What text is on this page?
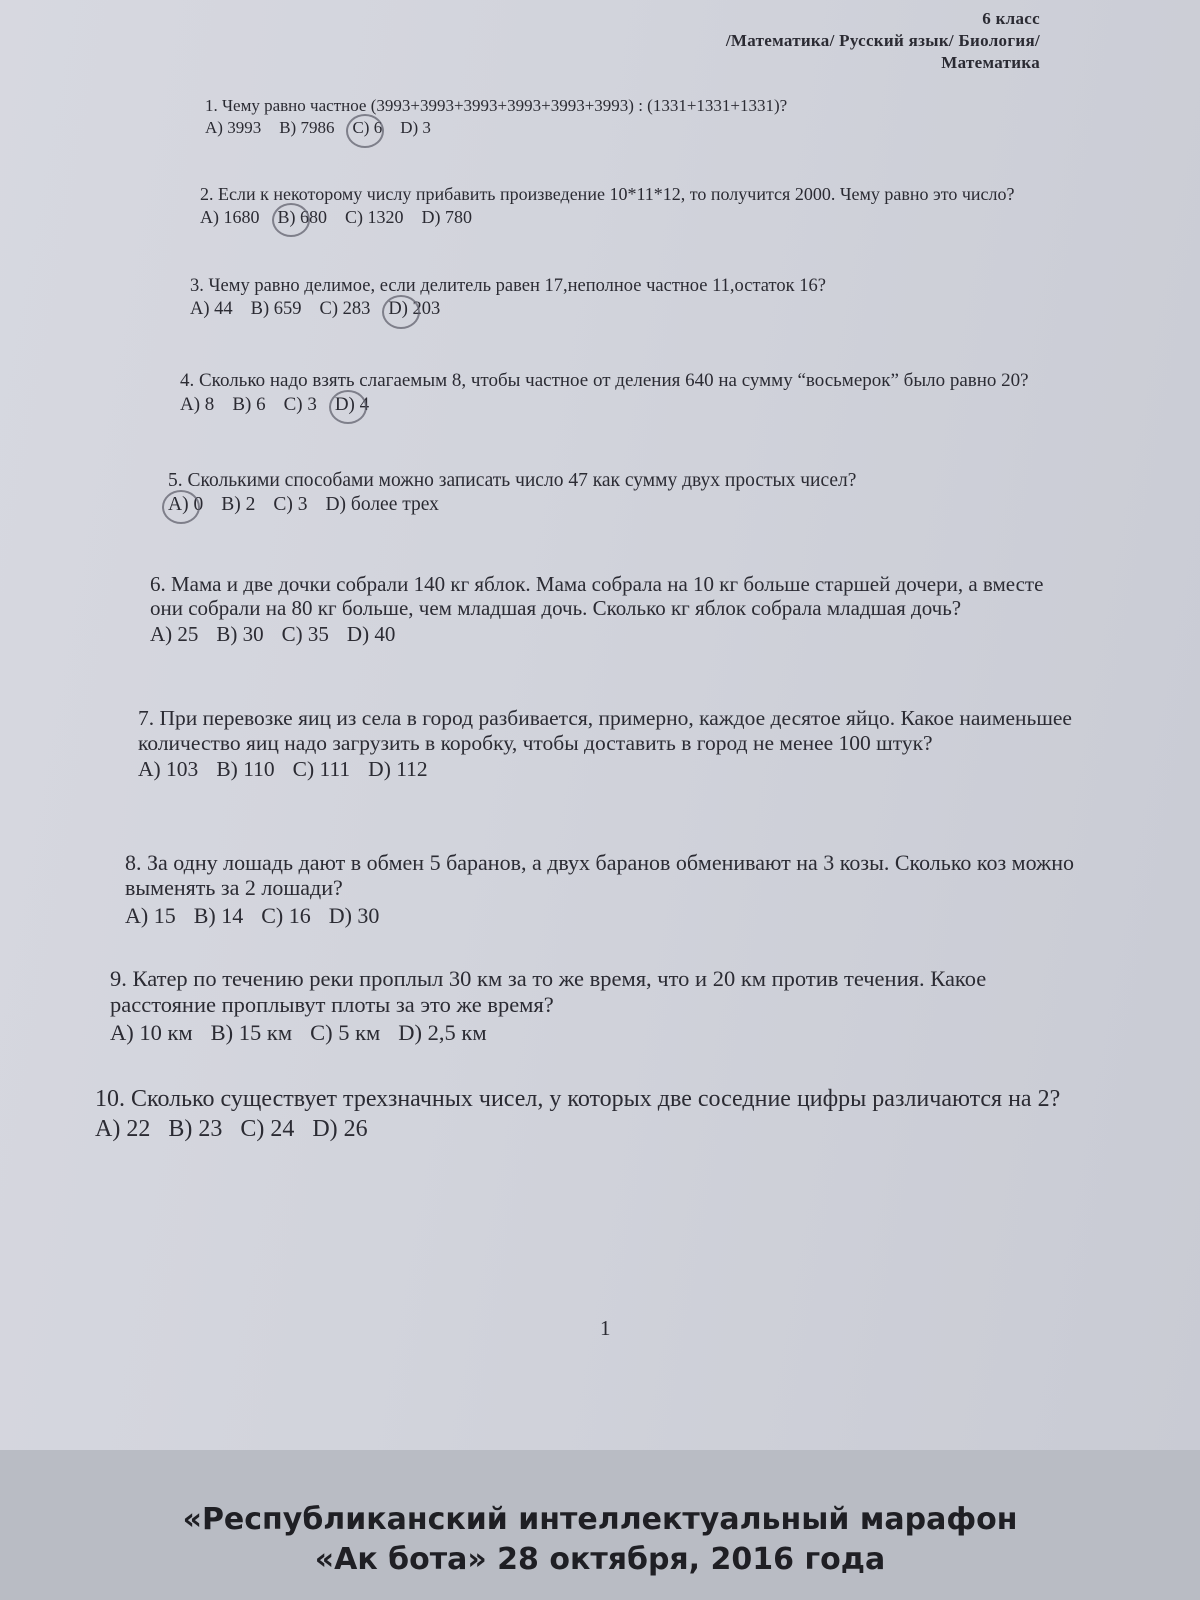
6 класс
/Математика/ Русский язык/ Биология/
Математика

1. Чему равно частное (3993+3993+3993+3993+3993+3993) : (1331+1331+1331)?

A) 3993 B) 7986 C) 6 D) 3

2. Если к некоторому числу прибавить произведение 10*11*12, то получится 2000. Чему равно это число?

A) 1680 B) 680 C) 1320 D) 780

3. Чему равно делимое, если делитель равен 17,неполное частное 11,остаток 16?

A) 44 B) 659 C) 283 D) 203

4. Сколько надо взять слагаемым 8, чтобы частное от деления 640 на сумму “восьмерок” было равно 20?

A) 8 B) 6 C) 3 D) 4

5. Сколькими способами можно записать число 47 как сумму двух простых чисел?

A) 0 B) 2 C) 3 D) более трех

6. Мама и две дочки собрали 140 кг яблок. Мама собрала на 10 кг больше старшей дочери, а вместе они собрали на 80 кг больше, чем младшая дочь. Сколько кг яблок собрала младшая дочь?

A) 25 B) 30 C) 35 D) 40

7. При перевозке яиц из села в город разбивается, примерно, каждое десятое яйцо. Какое наименьшее количество яиц надо загрузить в коробку, чтобы доставить в город не менее 100 штук?

A) 103 B) 110 C) 111 D) 112

8. За одну лошадь дают в обмен 5 баранов, а двух баранов обменивают на 3 козы. Сколько коз можно выменять за 2 лошади?

A) 15 B) 14 C) 16 D) 30

9. Катер по течению реки проплыл 30 км за то же время, что и 20 км против течения. Какое расстояние проплывут плоты за это же время?

A) 10 км B) 15 км C) 5 км D) 2,5 км

10. Сколько существует трехзначных чисел, у которых две соседние цифры различаются на 2?

A) 22 B) 23 C) 24 D) 26
1
«Республиканский интеллектуальный марафон
«Ак бота» 28 октября, 2016 года
